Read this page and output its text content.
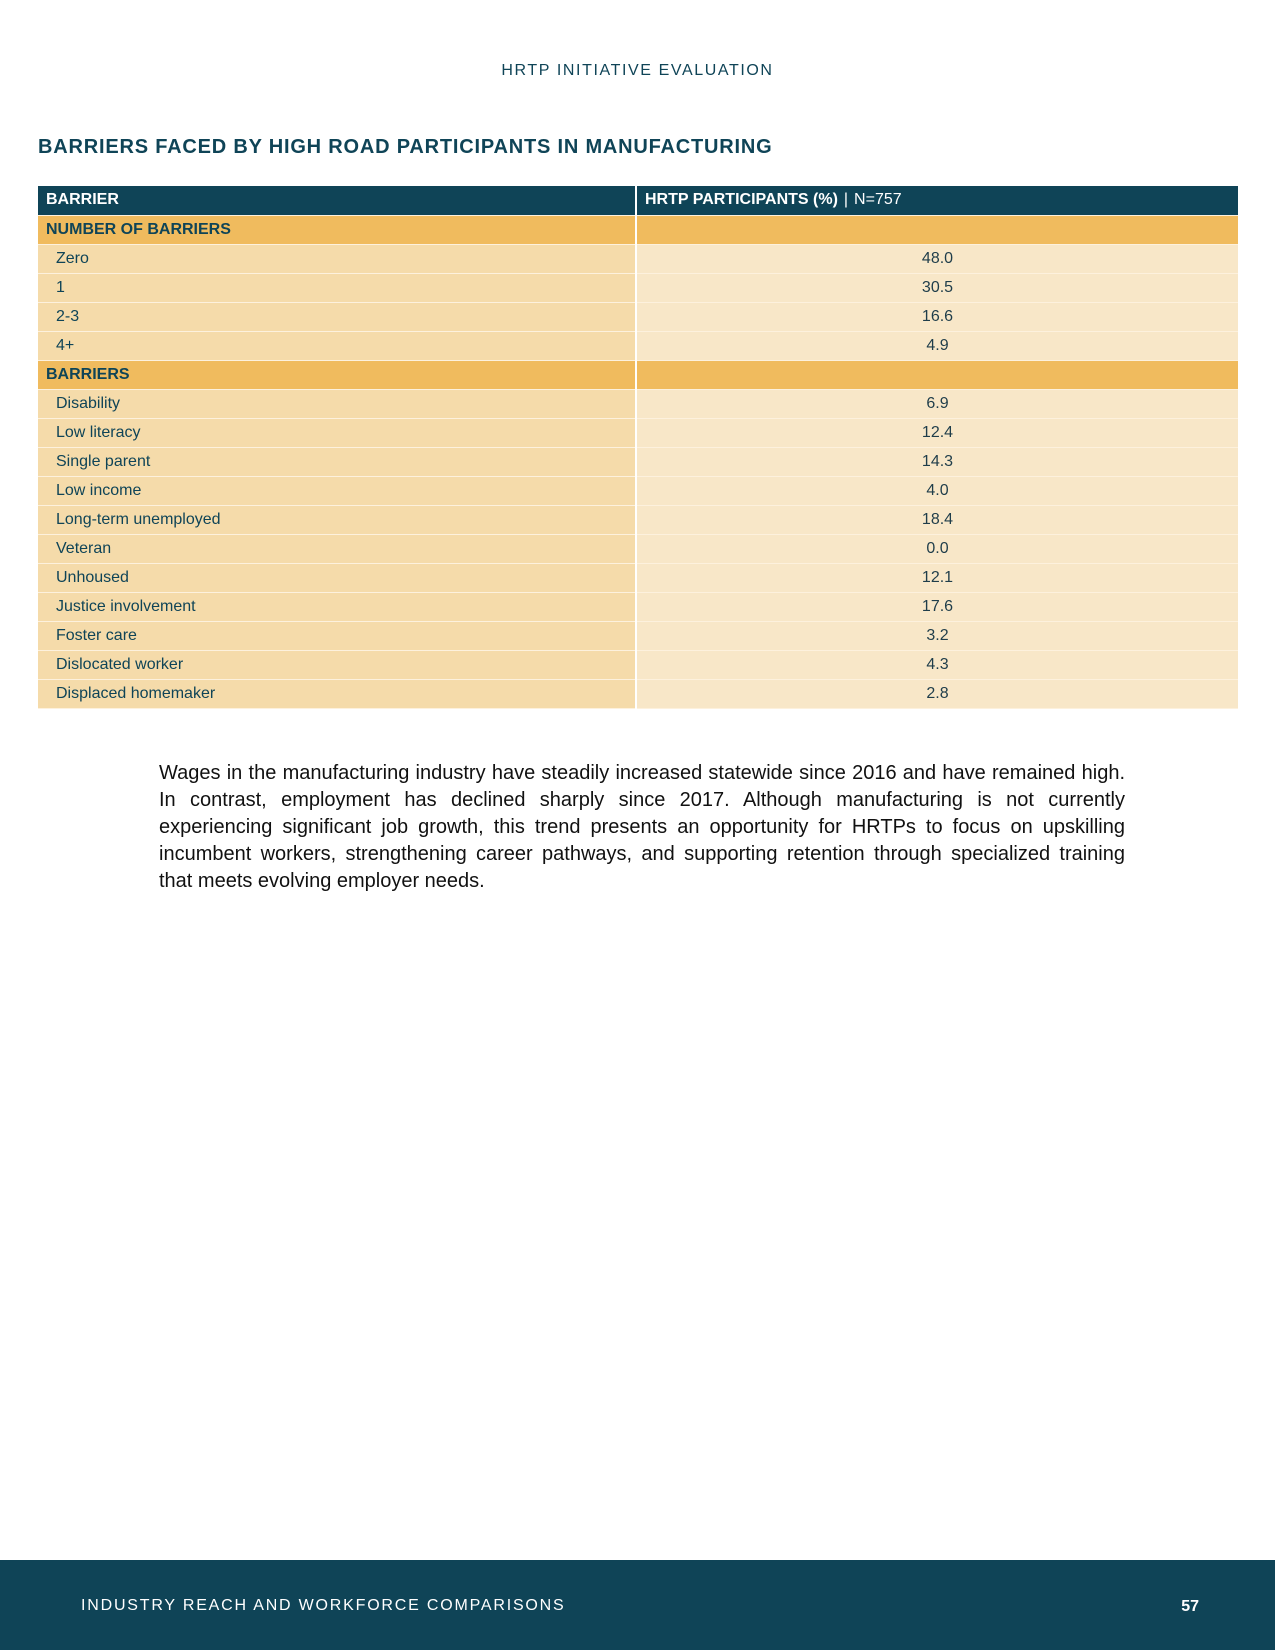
HRTP INITIATIVE EVALUATION
BARRIERS FACED BY HIGH ROAD PARTICIPANTS IN MANUFACTURING
BARRIER	HRTP PARTICIPANTS (%) | N=757
NUMBER OF BARRIERS	
Zero	48.0
1	30.5
2-3	16.6
4+	4.9
BARRIERS	
Disability	6.9
Low literacy	12.4
Single parent	14.3
Low income	4.0
Long-term unemployed	18.4
Veteran	0.0
Unhoused	12.1
Justice involvement	17.6
Foster care	3.2
Dislocated worker	4.3
Displaced homemaker	2.8

Wages in the manufacturing industry have steadily increased statewide since 2016 and have remained high. In contrast, employment has declined sharply since 2017. Although manufacturing is not currently experiencing significant job growth, this trend presents an opportunity for HRTPs to focus on upskilling incumbent workers, strengthening career pathways, and supporting retention through specialized training that meets evolving employer needs.

INDUSTRY REACH AND WORKFORCE COMPARISONS	57
